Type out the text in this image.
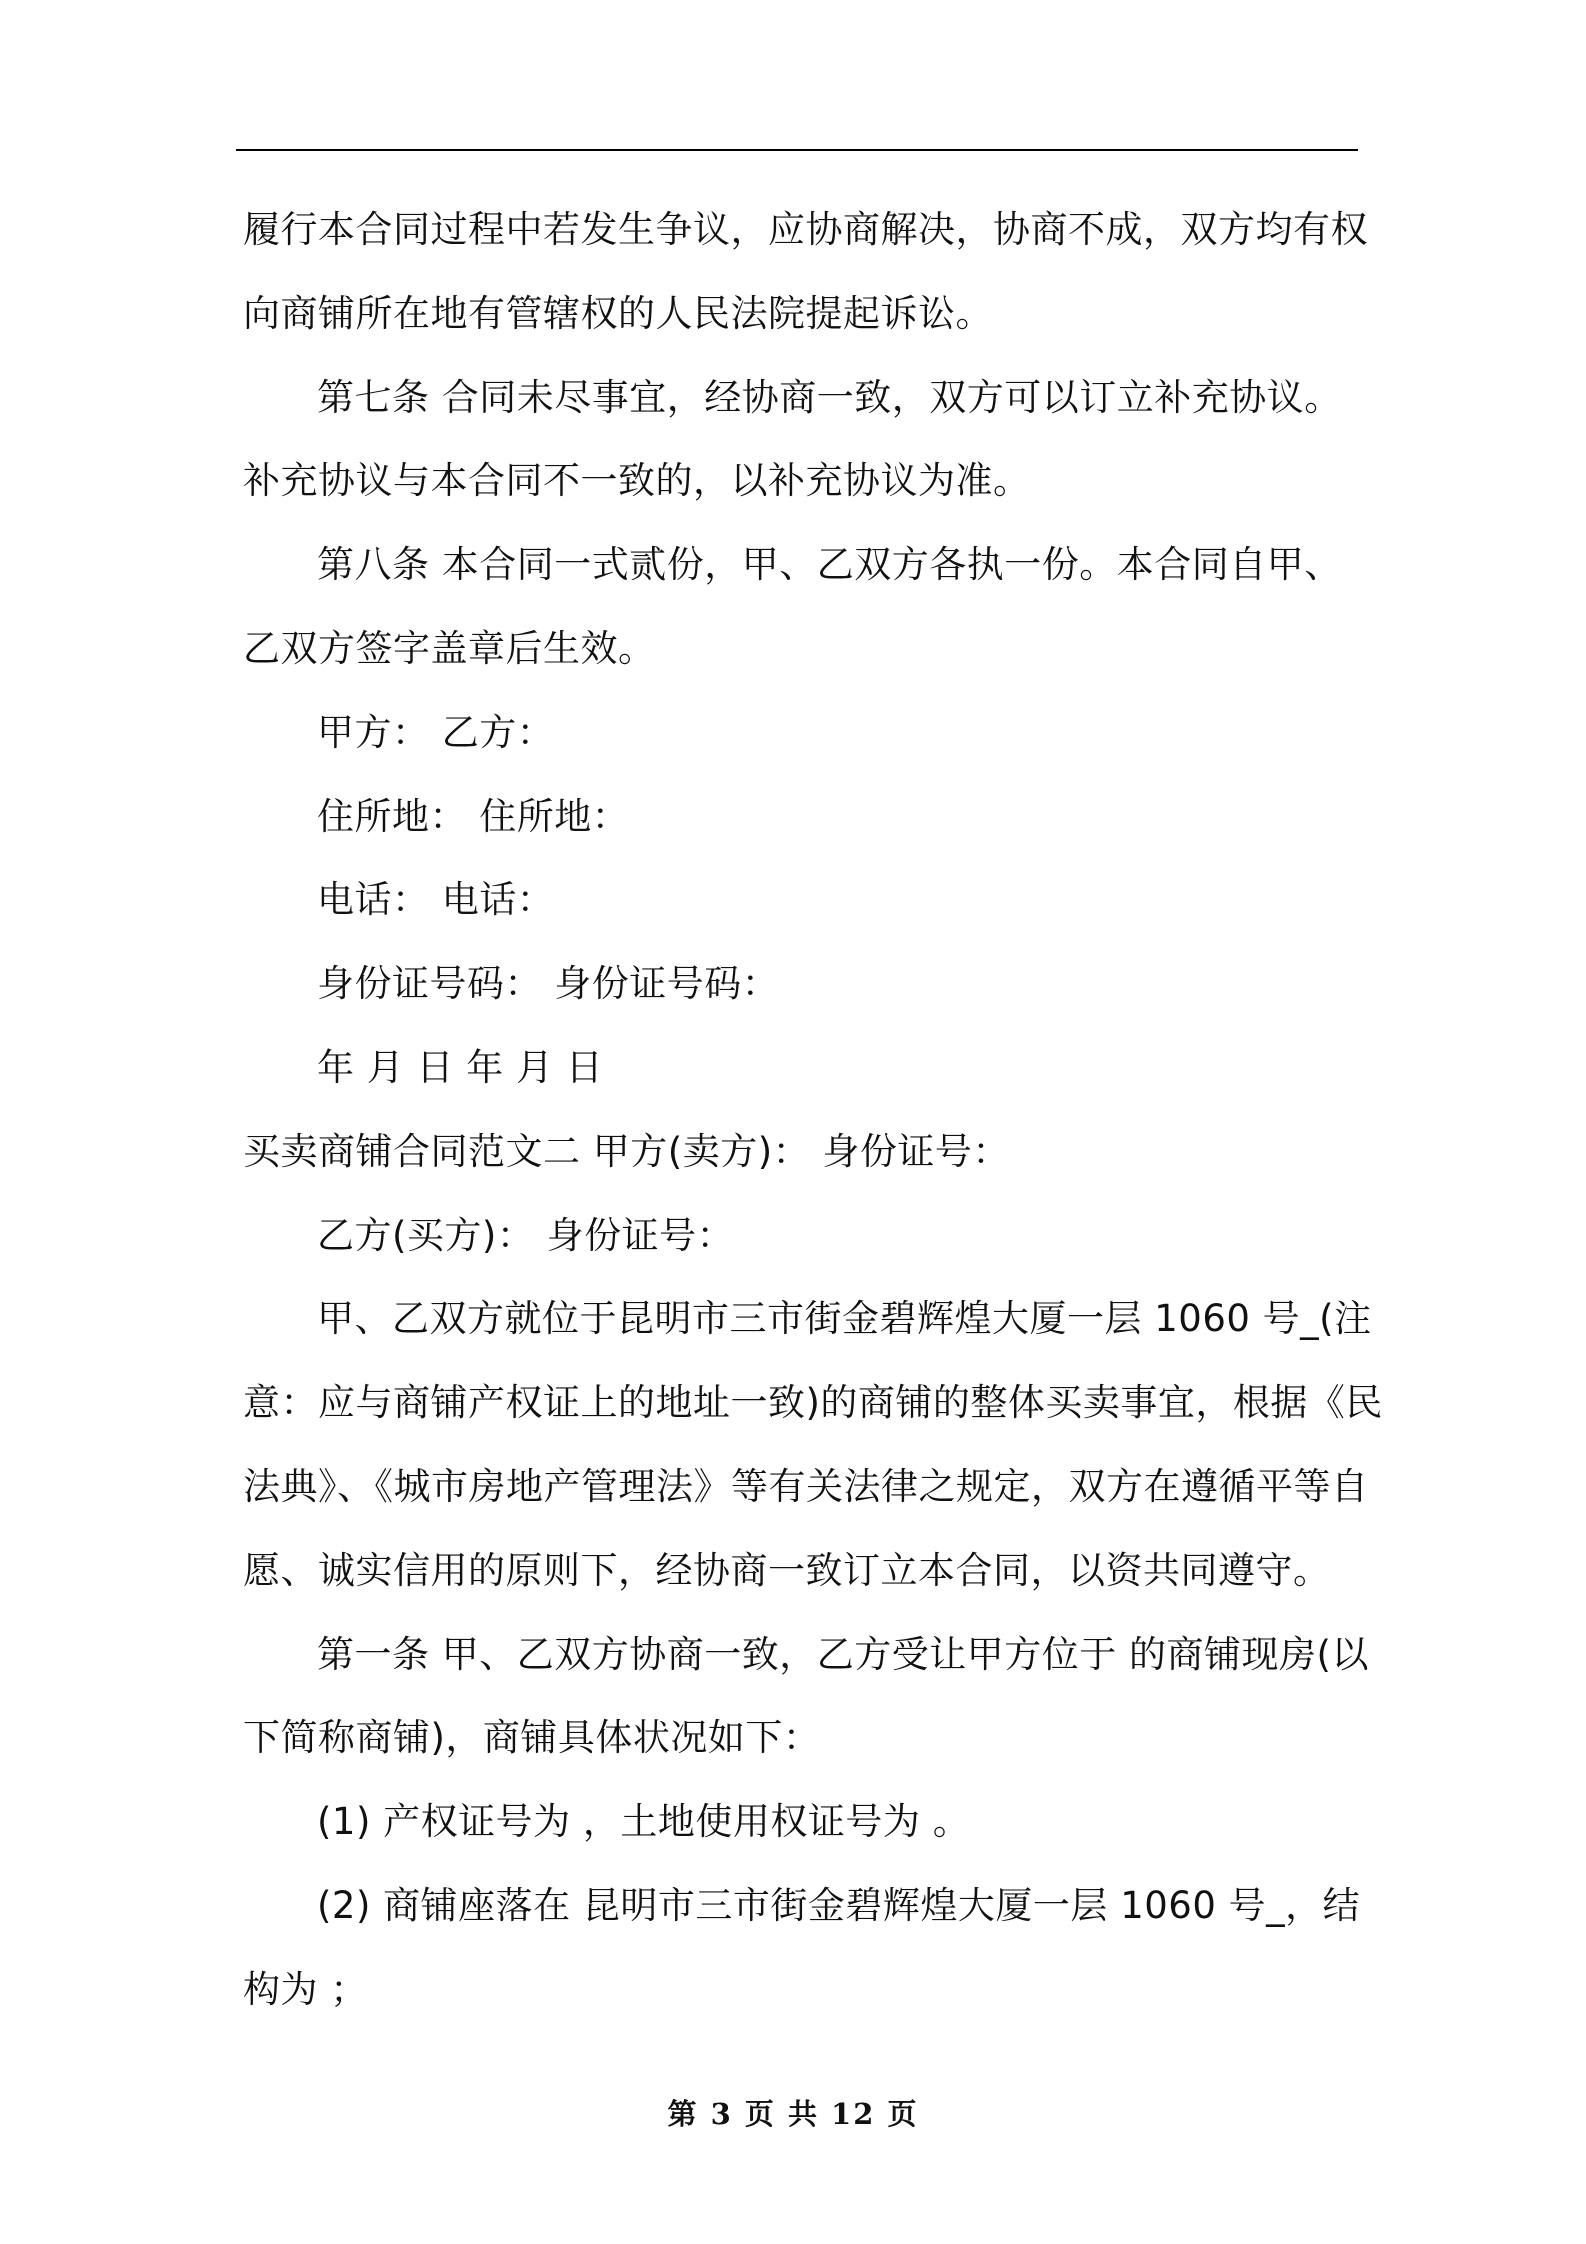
履行本合同过程中若发生争议，应协商解决，协商不成，双方均有权
向商铺所在地有管辖权的人民法院提起诉讼。
第七条 合同未尽事宜，经协商一致，双方可以订立补充协议。
补充协议与本合同不一致的，以补充协议为准。
第八条 本合同一式贰份，甲、乙双方各执一份。本合同自甲、
乙双方签字盖章后生效。
甲方： 乙方：
住所地： 住所地：
电话： 电话：
身份证号码： 身份证号码：
年 月 日 年 月 日
买卖商铺合同范文二 甲方(卖方)： 身份证号：
乙方(买方)： 身份证号：
甲、乙双方就位于昆明市三市街金碧辉煌大厦一层 1060 号_(注
意：应与商铺产权证上的地址一致)的商铺的整体买卖事宜，根据《民
法典》、《城市房地产管理法》等有关法律之规定，双方在遵循平等自
愿、诚实信用的原则下，经协商一致订立本合同，以资共同遵守。
第一条 甲、乙双方协商一致，乙方受让甲方位于 的商铺现房(以
下简称商铺)，商铺具体状况如下：
(1) 产权证号为 ，土地使用权证号为 。
(2) 商铺座落在 昆明市三市街金碧辉煌大厦一层 1060 号_，结
构为 ；
第 3 页 共 12 页
